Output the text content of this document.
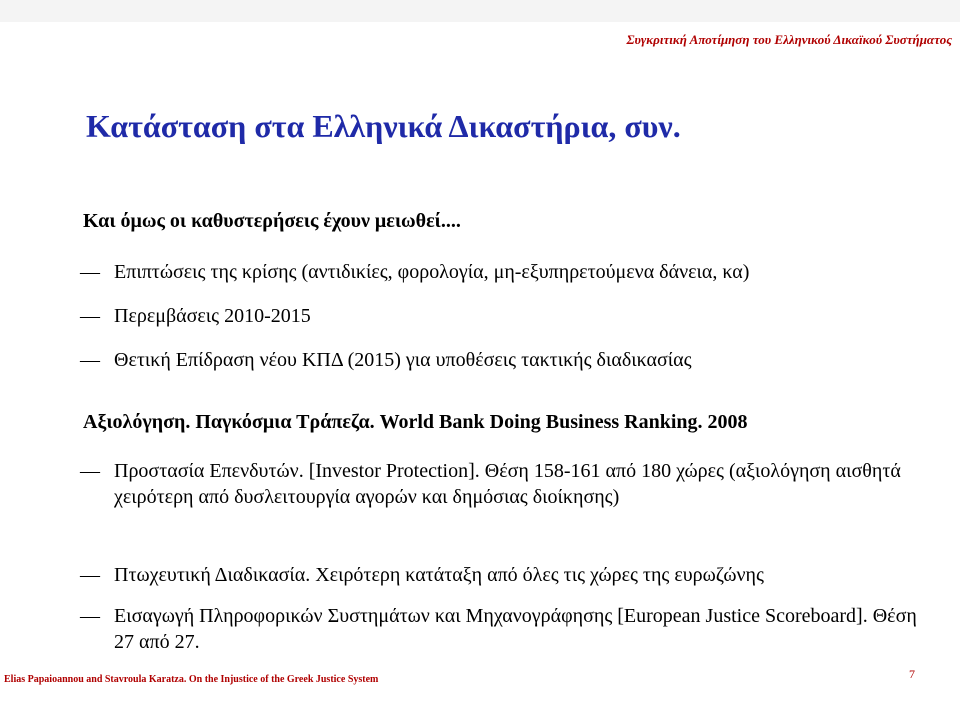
Συγκριτική Αποτίμηση του Ελληνικού Δικαϊκού Συστήματος
Κατάσταση στα Ελληνικά Δικαστήρια, συν.
Και όμως οι καθυστερήσεις έχουν μειωθεί....
— Επιπτώσεις της κρίσης (αντιδικίες, φορολογία, μη-εξυπηρετούμενα δάνεια, κα)
— Περεμβάσεις 2010-2015
— Θετική Επίδραση νέου ΚΠΔ (2015) για υποθέσεις τακτικής διαδικασίας
Αξιολόγηση. Παγκόσμια Τράπεζα. World Bank Doing Business Ranking. 2008
— Προστασία Επενδυτών. [Investor Protection]. Θέση 158-161 από 180 χώρες (αξιολόγηση αισθητά χειρότερη από δυσλειτουργία αγορών και δημόσιας διοίκησης)
— Πτωχευτική Διαδικασία. Χειρότερη κατάταξη από όλες τις χώρες της ευρωζώνης
— Εισαγωγή Πληροφορικών Συστημάτων και Μηχανογράφησης [European Justice Scoreboard]. Θέση 27 από 27.
Elias Papaioannou and Stavroula Karatza. On the Injustice of the Greek Justice System	7
